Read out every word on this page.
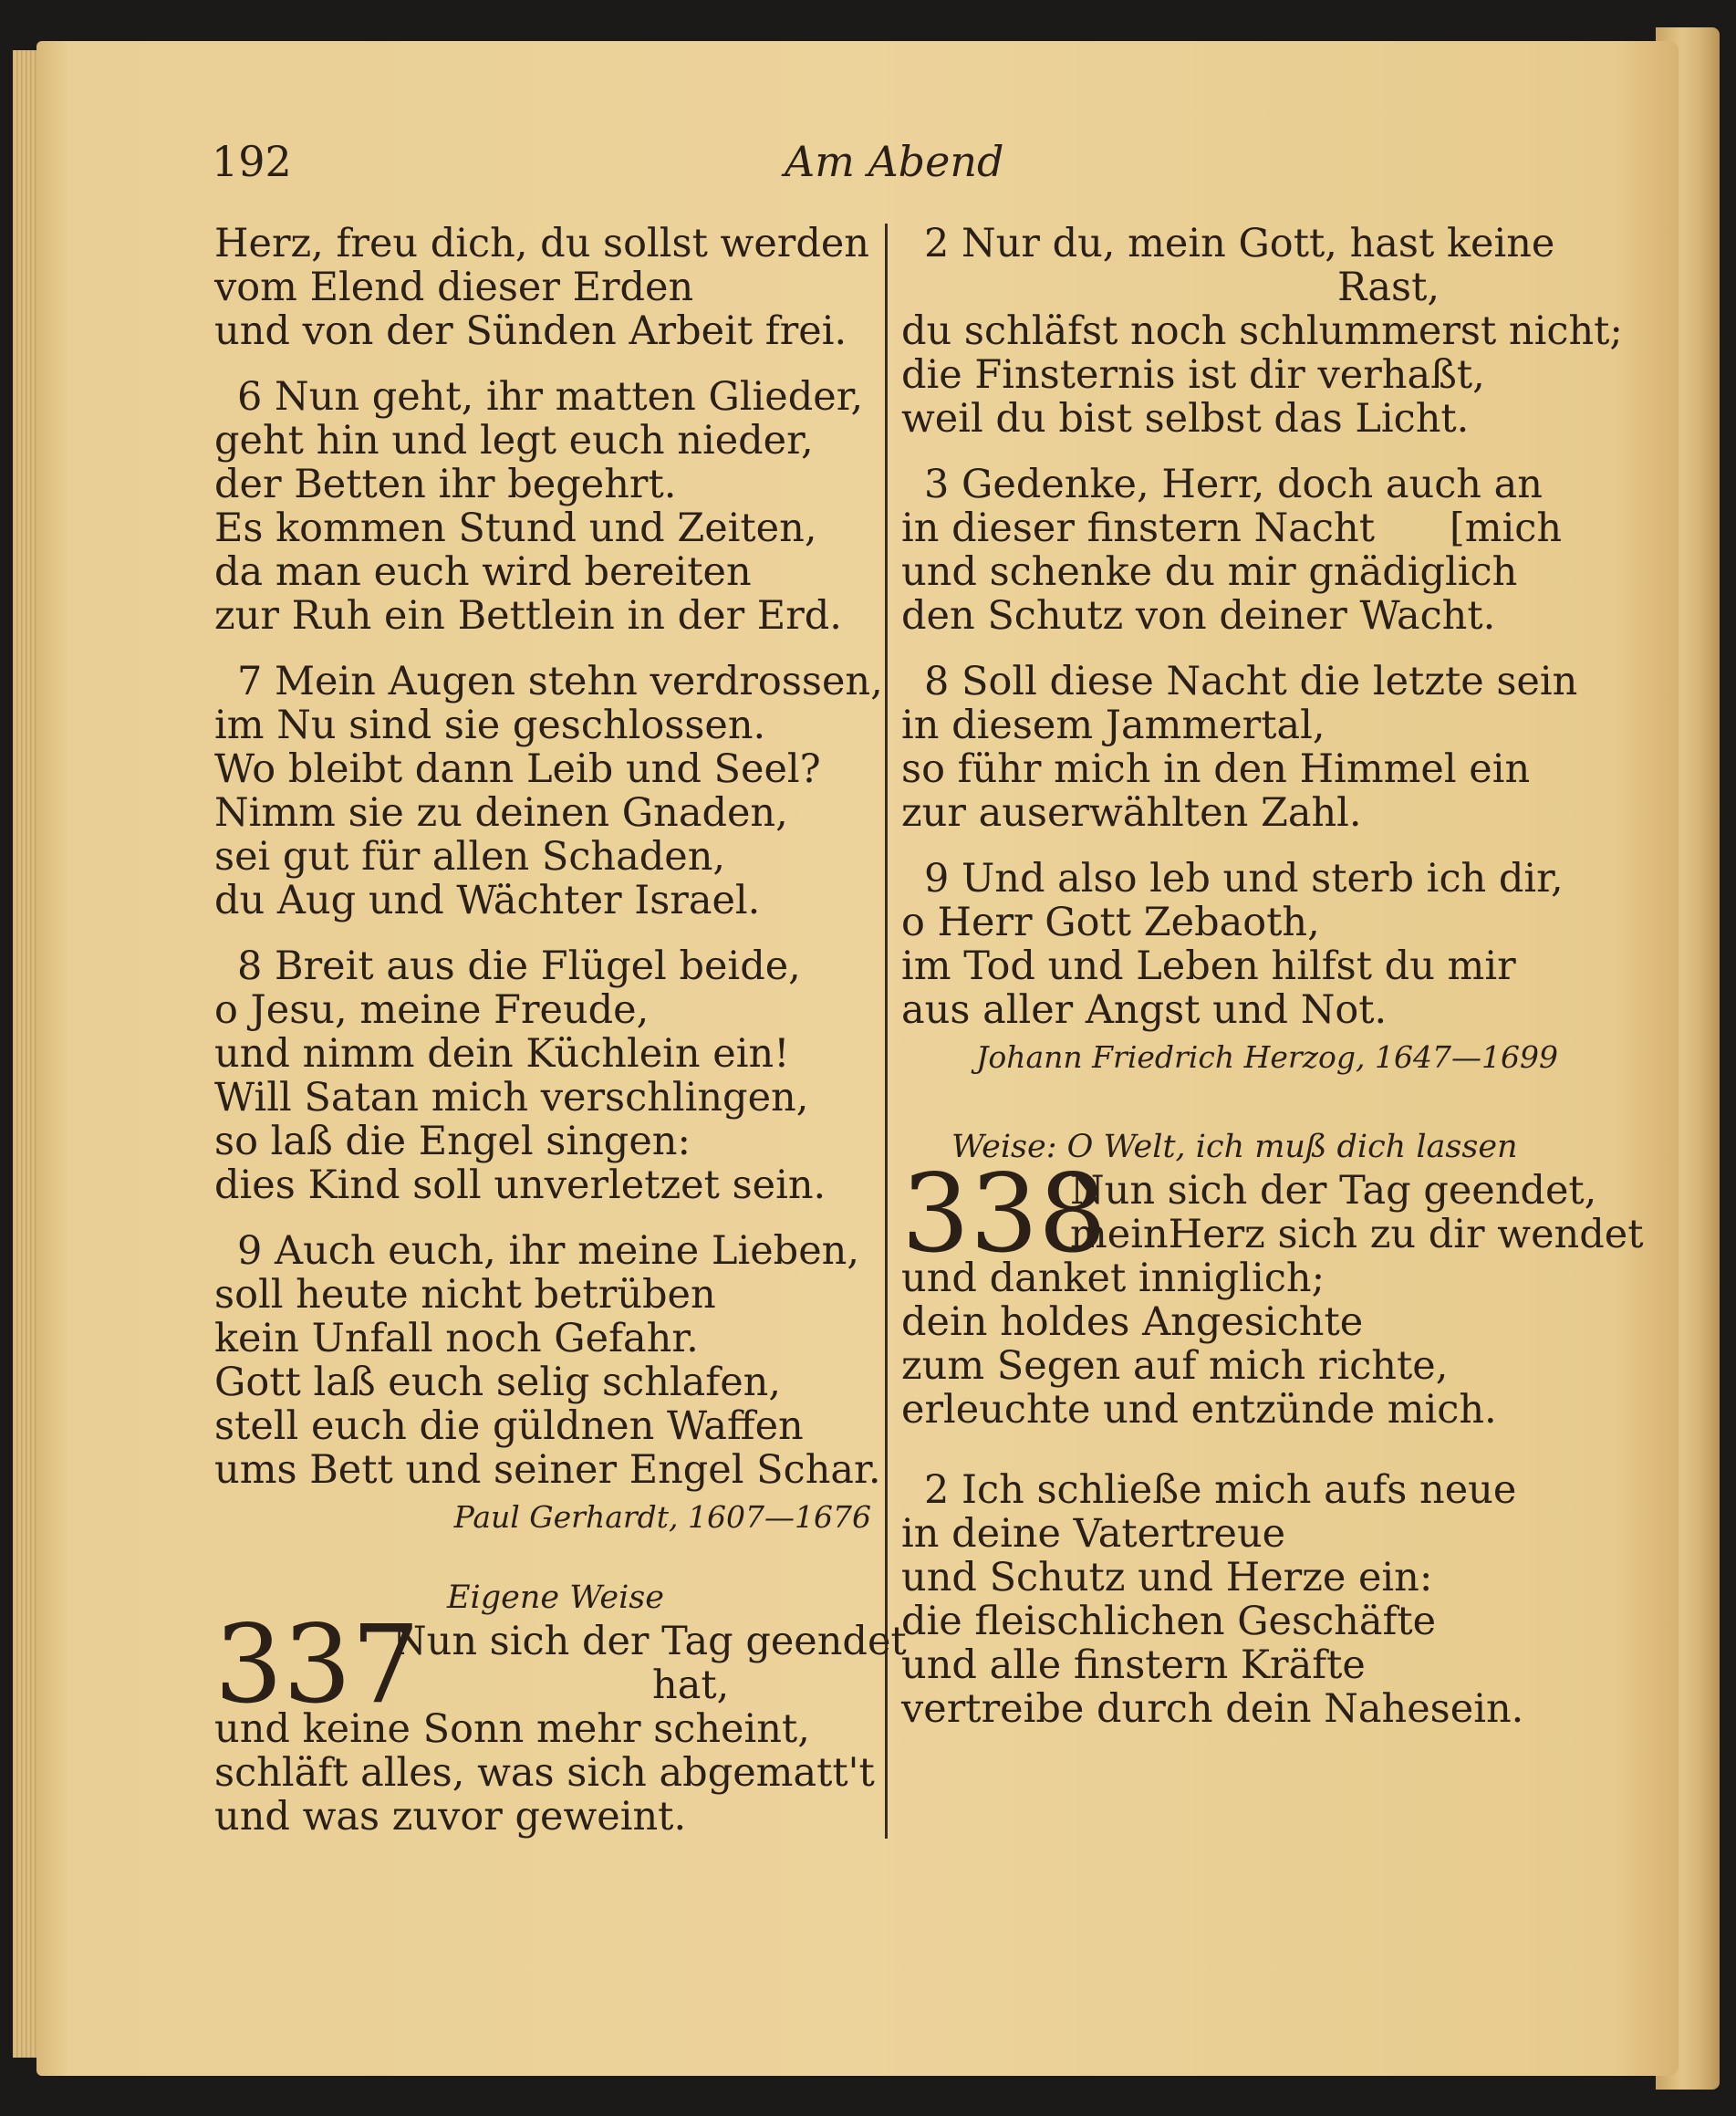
192	Am Abend
Herz, freu dich, du sollst werden
vom Elend dieser Erden
und von der Sünden Arbeit frei.
6 Nun geht, ihr matten Glieder,
geht hin und legt euch nieder,
der Betten ihr begehrt.
Es kommen Stund und Zeiten,
da man euch wird bereiten
zur Ruh ein Bettlein in der Erd.
7 Mein Augen stehn verdrossen,
im Nu sind sie geschlossen.
Wo bleibt dann Leib und Seel?
Nimm sie zu deinen Gnaden,
sei gut für allen Schaden,
du Aug und Wächter Israel.
8 Breit aus die Flügel beide,
o Jesu, meine Freude,
und nimm dein Küchlein ein!
Will Satan mich verschlingen,
so laß die Engel singen:
dies Kind soll unverletzet sein.
9 Auch euch, ihr meine Lieben,
soll heute nicht betrüben
kein Unfall noch Gefahr.
Gott laß euch selig schlafen,
stell euch die güldnen Waffen
ums Bett und seiner Engel Schar.
Paul Gerhardt, 1607—1676
Eigene Weise
337
Nun sich der Tag geendet
hat,
und keine Sonn mehr scheint,
schläft alles, was sich abgematt't
und was zuvor geweint.
2 Nur du, mein Gott, hast keine
Rast,
du schläfst noch schlummerst nicht;
die Finsternis ist dir verhaßt,
weil du bist selbst das Licht.
3 Gedenke, Herr, doch auch an
in dieser finstern Nacht      [mich
und schenke du mir gnädiglich
den Schutz von deiner Wacht.
8 Soll diese Nacht die letzte sein
in diesem Jammertal,
so führ mich in den Himmel ein
zur auserwählten Zahl.
9 Und also leb und sterb ich dir,
o Herr Gott Zebaoth,
im Tod und Leben hilfst du mir
aus aller Angst und Not.
Johann Friedrich Herzog, 1647—1699
Weise: O Welt, ich muß dich lassen
338
Nun sich der Tag geendet,
meinHerz sich zu dir wendet
und danket inniglich;
dein holdes Angesichte
zum Segen auf mich richte,
erleuchte und entzünde mich.
2 Ich schließe mich aufs neue
in deine Vatertreue
und Schutz und Herze ein:
die fleischlichen Geschäfte
und alle finstern Kräfte
vertreibe durch dein Nahesein.
